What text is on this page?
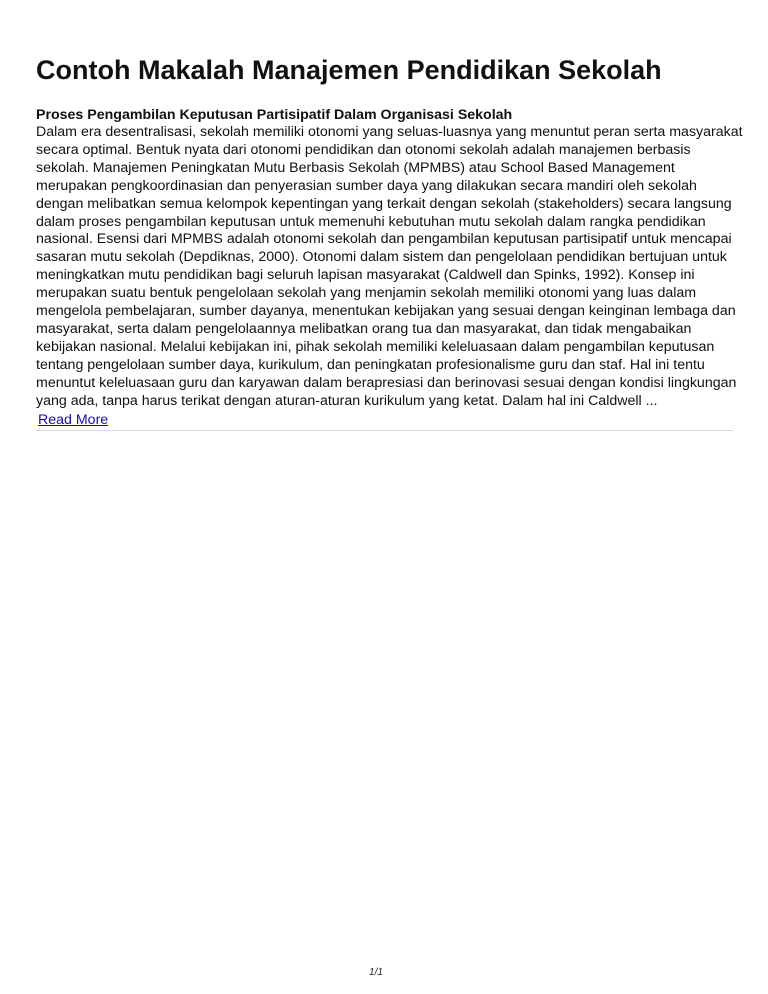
Contoh Makalah Manajemen Pendidikan Sekolah
Proses Pengambilan Keputusan Partisipatif Dalam Organisasi Sekolah

Dalam era desentralisasi, sekolah memiliki otonomi yang seluas-luasnya yang menuntut peran serta masyarakat
secara optimal. Bentuk nyata dari otonomi pendidikan dan otonomi sekolah adalah manajemen berbasis
sekolah. Manajemen Peningkatan Mutu Berbasis Sekolah (MPMBS) atau School Based Management
merupakan pengkoordinasian dan penyerasian sumber daya yang dilakukan secara mandiri oleh sekolah
dengan melibatkan semua kelompok kepentingan yang terkait dengan sekolah (stakeholders) secara langsung
dalam proses pengambilan keputusan untuk memenuhi kebutuhan mutu sekolah dalam rangka pendidikan
nasional. Esensi dari MPMBS adalah otonomi sekolah dan pengambilan keputusan partisipatif untuk mencapai
sasaran mutu sekolah (Depdiknas, 2000). Otonomi dalam sistem dan pengelolaan pendidikan bertujuan untuk
meningkatkan mutu pendidikan bagi seluruh lapisan masyarakat (Caldwell dan Spinks, 1992). Konsep ini
merupakan suatu bentuk pengelolaan sekolah yang menjamin sekolah memiliki otonomi yang luas dalam
mengelola pembelajaran, sumber dayanya, menentukan kebijakan yang sesuai dengan keinginan lembaga dan
masyarakat, serta dalam pengelolaannya melibatkan orang tua dan masyarakat, dan tidak mengabaikan
kebijakan nasional. Melalui kebijakan ini, pihak sekolah memiliki keleluasaan dalam pengambilan keputusan
tentang pengelolaan sumber daya, kurikulum, dan peningkatan profesionalisme guru dan staf. Hal ini tentu
menuntut keleluasaan guru dan karyawan dalam berapresiasi dan berinovasi sesuai dengan kondisi lingkungan
yang ada, tanpa harus terikat dengan aturan-aturan kurikulum yang ketat. Dalam hal ini Caldwell ...

Read More
1/1
